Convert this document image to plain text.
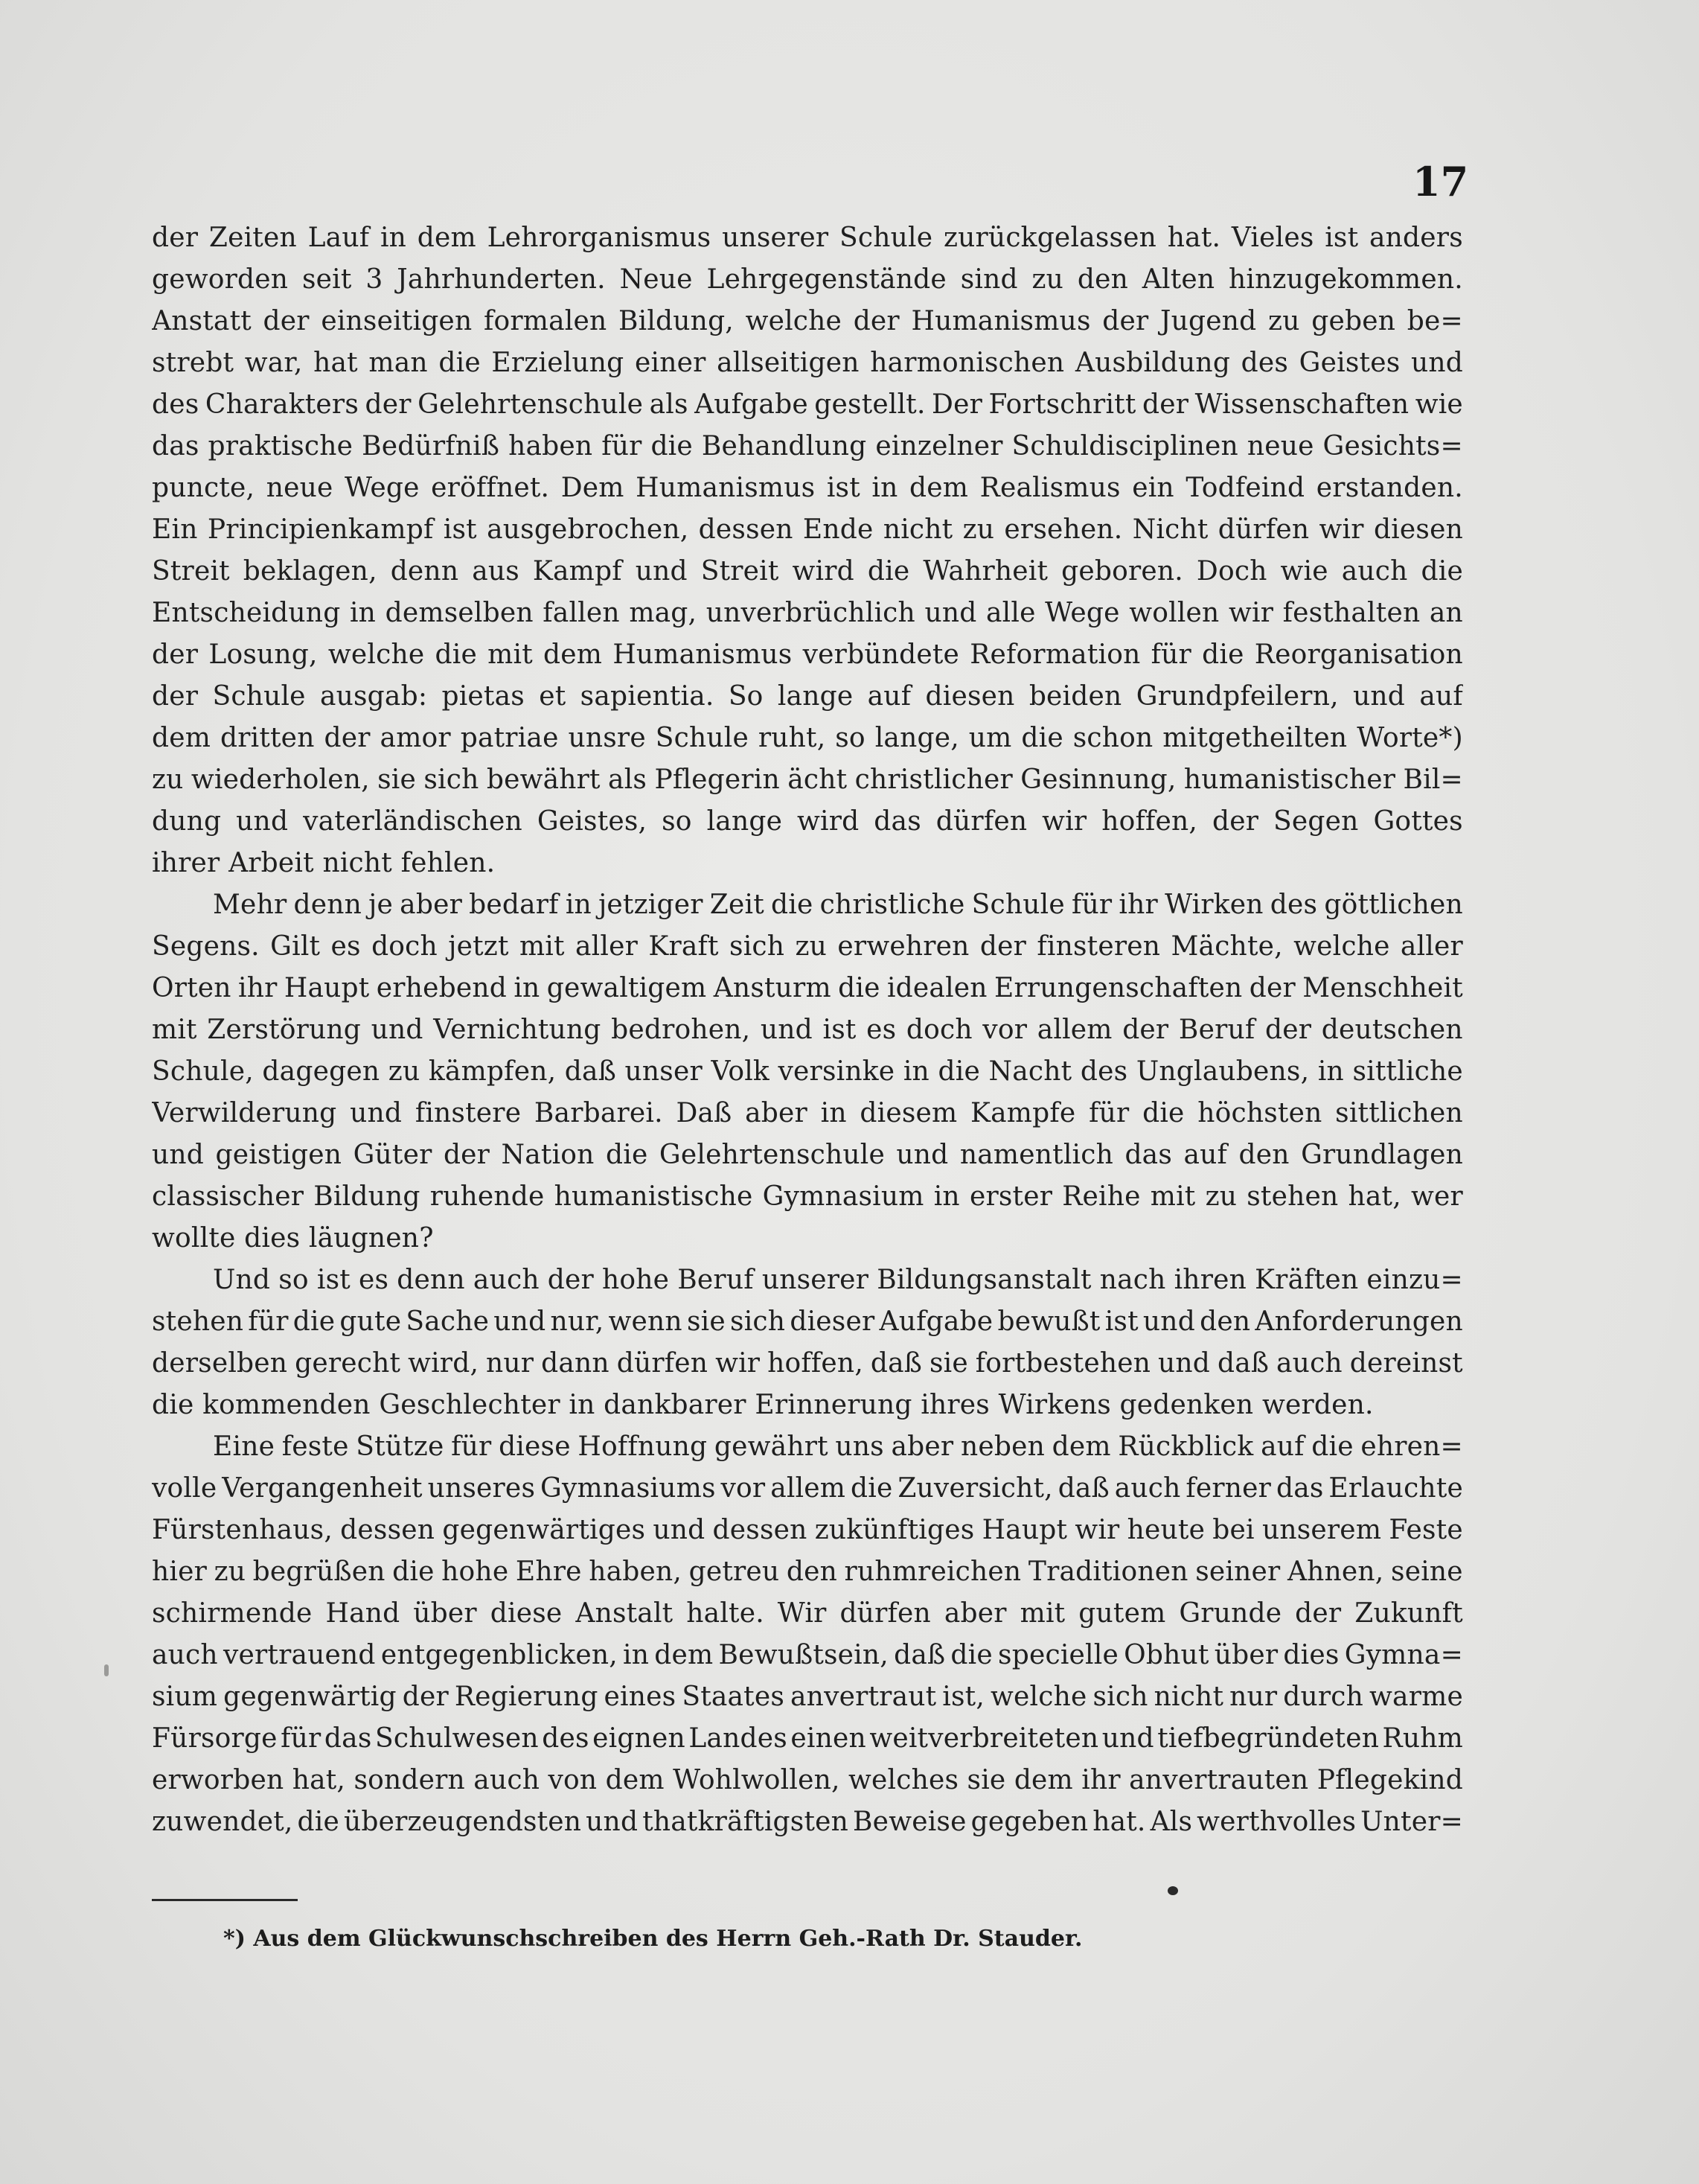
17
der Zeiten Lauf in dem Lehrorganismus unserer Schule zurückgelassen hat. Vieles ist anders
geworden seit 3 Jahrhunderten. Neue Lehrgegenstände sind zu den Alten hinzugekommen.
Anstatt der einseitigen formalen Bildung, welche der Humanismus der Jugend zu geben be=
strebt war, hat man die Erzielung einer allseitigen harmonischen Ausbildung des Geistes und
des Charakters der Gelehrtenschule als Aufgabe gestellt. Der Fortschritt der Wissenschaften wie
das praktische Bedürfniß haben für die Behandlung einzelner Schuldisciplinen neue Gesichts=
puncte, neue Wege eröffnet. Dem Humanismus ist in dem Realismus ein Todfeind erstanden.
Ein Principienkampf ist ausgebrochen, dessen Ende nicht zu ersehen. Nicht dürfen wir diesen
Streit beklagen, denn aus Kampf und Streit wird die Wahrheit geboren. Doch wie auch die
Entscheidung in demselben fallen mag, unverbrüchlich und alle Wege wollen wir festhalten an
der Losung, welche die mit dem Humanismus verbündete Reformation für die Reorganisation
der Schule ausgab: pietas et sapientia. So lange auf diesen beiden Grundpfeilern, und auf
dem dritten der amor patriae unsre Schule ruht, so lange, um die schon mitgetheilten Worte*)
zu wiederholen, sie sich bewährt als Pflegerin ächt christlicher Gesinnung, humanistischer Bil=
dung und vaterländischen Geistes, so lange wird das dürfen wir hoffen, der Segen Gottes
ihrer Arbeit nicht fehlen.
Mehr denn je aber bedarf in jetziger Zeit die christliche Schule für ihr Wirken des göttlichen
Segens. Gilt es doch jetzt mit aller Kraft sich zu erwehren der finsteren Mächte, welche aller
Orten ihr Haupt erhebend in gewaltigem Ansturm die idealen Errungenschaften der Menschheit
mit Zerstörung und Vernichtung bedrohen, und ist es doch vor allem der Beruf der deutschen
Schule, dagegen zu kämpfen, daß unser Volk versinke in die Nacht des Unglaubens, in sittliche
Verwilderung und finstere Barbarei. Daß aber in diesem Kampfe für die höchsten sittlichen
und geistigen Güter der Nation die Gelehrtenschule und namentlich das auf den Grundlagen
classischer Bildung ruhende humanistische Gymnasium in erster Reihe mit zu stehen hat, wer
wollte dies läugnen?
Und so ist es denn auch der hohe Beruf unserer Bildungsanstalt nach ihren Kräften einzu=
stehen für die gute Sache und nur, wenn sie sich dieser Aufgabe bewußt ist und den Anforderungen
derselben gerecht wird, nur dann dürfen wir hoffen, daß sie fortbestehen und daß auch dereinst
die kommenden Geschlechter in dankbarer Erinnerung ihres Wirkens gedenken werden.
Eine feste Stütze für diese Hoffnung gewährt uns aber neben dem Rückblick auf die ehren=
volle Vergangenheit unseres Gymnasiums vor allem die Zuversicht, daß auch ferner das Erlauchte
Fürstenhaus, dessen gegenwärtiges und dessen zukünftiges Haupt wir heute bei unserem Feste
hier zu begrüßen die hohe Ehre haben, getreu den ruhmreichen Traditionen seiner Ahnen, seine
schirmende Hand über diese Anstalt halte. Wir dürfen aber mit gutem Grunde der Zukunft
auch vertrauend entgegenblicken, in dem Bewußtsein, daß die specielle Obhut über dies Gymna=
sium gegenwärtig der Regierung eines Staates anvertraut ist, welche sich nicht nur durch warme
Fürsorge für das Schulwesen des eignen Landes einen weitverbreiteten und tiefbegründeten Ruhm
erworben hat, sondern auch von dem Wohlwollen, welches sie dem ihr anvertrauten Pflegekind
zuwendet, die überzeugendsten und thatkräftigsten Beweise gegeben hat. Als werthvolles Unter=
*) Aus dem Glückwunschschreiben des Herrn Geh.-Rath Dr. Stauder.
